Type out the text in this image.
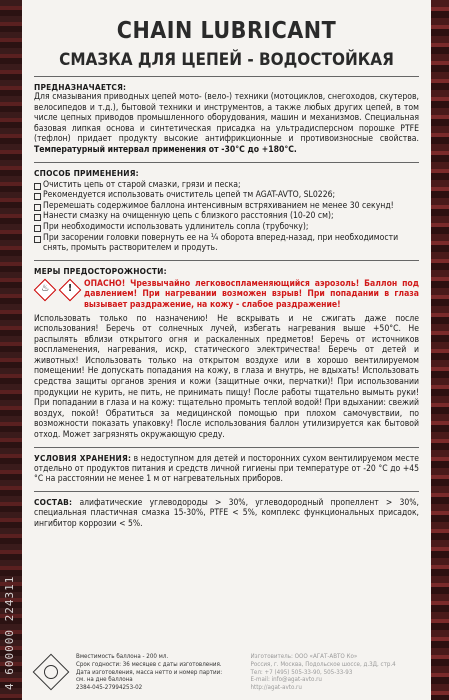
4 600000 224311
CHAIN LUBRICANT
СМАЗКА ДЛЯ ЦЕПЕЙ - ВОДОСТОЙКАЯ
ПРЕДНАЗНАЧАЕТСЯ:
Для смазывания приводных цепей мото- (вело-) техники (мотоциклов, снегоходов, скутеров, велосипедов и т.д.), бытовой техники и инструментов, а также любых других цепей, в том числе цепных приводов промышленного оборудования, машин и механизмов. Специальная базовая липкая основа и синтетическая присадка на ультрадисперсном порошке PTFE (тефлон) придает продукту высокие антифрикционные и противоизносные свойства. Температурный интервал применения от -30°C до +180°C.
СПОСОБ ПРИМЕНЕНИЯ:
Очистить цепь от старой смазки, грязи и песка;
Рекомендуется использовать очиститель цепей тм AGAT-AVTO, SL0226;
Перемешать содержимое баллона интенсивным встряхиванием не менее 30 секунд!
Нанести смазку на очищенную цепь с близкого расстояния (10-20 см);
При необходимости использовать удлинитель сопла (трубочку);
При засорении головки повернуть ее на ¼ оборота вперед-назад, при необходимости снять, промыть растворителем и продуть.
МЕРЫ ПРЕДОСТОРОЖНОСТИ:
♨	!	ОПАСНО! Чрезвычайно легковоспламеняющийся аэрозоль! Баллон под давлением! При нагревании возможен взрыв! При попадании в глаза вызывает раздражение, на кожу - слабое раздражение!
Использовать только по назначению! Не вскрывать и не сжигать даже после использования! Беречь от солнечных лучей, избегать нагревания выше +50°C. Не распылять вблизи открытого огня и раскаленных предметов! Беречь от источников воспламенения, нагревания, искр, статического электричества! Беречь от детей и животных! Использовать только на открытом воздухе или в хорошо вентилируемом помещении! Не допускать попадания на кожу, в глаза и внутрь, не вдыхать! Использовать средства защиты органов зрения и кожи (защитные очки, перчатки)! При использовании продукции не курить, не пить, не принимать пищу! После работы тщательно вымыть руки! При попадании в глаза и на кожу: тщательно промыть теплой водой! При вдыхании: свежий воздух, покой! Обратиться за медицинской помощью при плохом самочувствии, по возможности показать упаковку! После использования баллон утилизируется как бытовой отход. Может загрязнять окружающую среду.
УСЛОВИЯ ХРАНЕНИЯ: в недоступном для детей и посторонних сухом вентилируемом месте отдельно от продуктов питания и средств личной гигиены при температуре от -20 °C до +45 °C на расстоянии не менее 1 м от нагревательных приборов.
СОСТАВ: алифатические углеводороды > 30%, углеводородный пропеллент > 30%, специальная пластичная смазка 15-30%, PTFE < 5%, комплекс функциональных присадок, ингибитор коррозии < 5%.
Вместимость баллона - 200 мл.
Срок годности: 36 месяцев с даты изготовления.
Дата изготовления, масса нетто и номер партии:
см. на дне баллона
2384-045-27994253-02
Изготовитель: ООО «АГАТ-АВТО Ко»
Россия, г. Москва, Подольское шоссе, д.3Д, стр.4
Тел: +7 (495) 505-33-90, 505-33-93
E-mail: info@agat-avto.ru
http://agat-avto.ru
